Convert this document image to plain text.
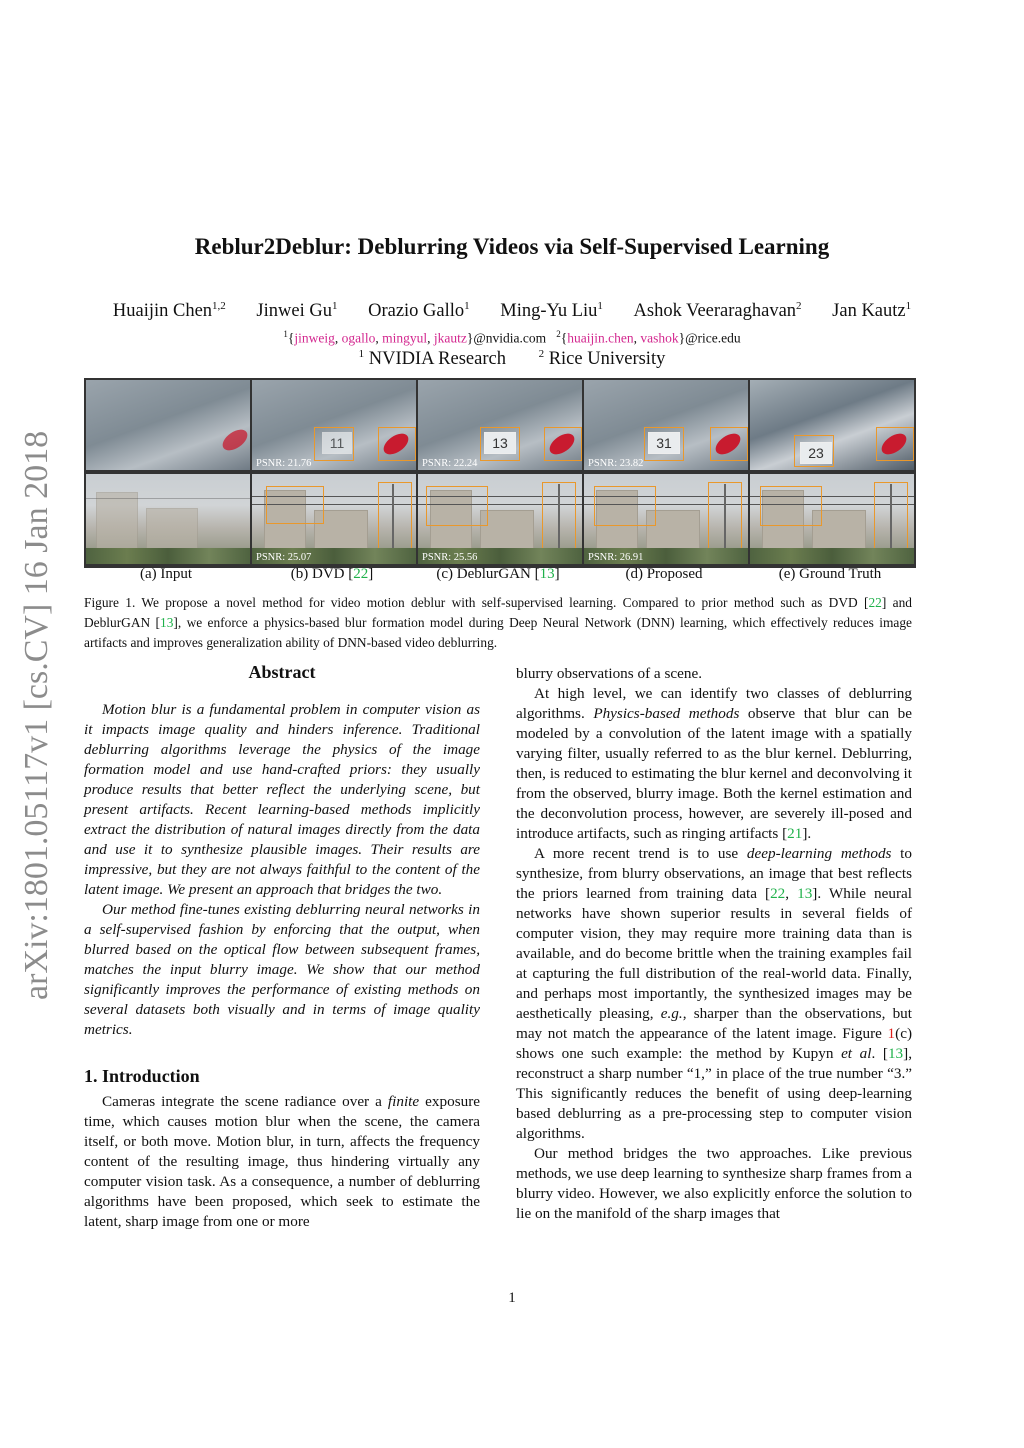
arXiv:1801.05117v1 [cs.CV] 16 Jan 2018
Reblur2Deblur: Deblurring Videos via Self-Supervised Learning
Huaijin Chen$^{1,2}$ Jinwei Gu$^1$ Orazio Gallo$^1$ Ming-Yu Liu$^1$ Ashok Veeraraghavan$^2$ Jan Kautz$^1$
$^1${jinweig, ogallo, mingyul, jkautz}@nvidia.com $^2${huaijin.chen, vashok}@rice.edu
$^1$ NVIDIA Research	$^2$ Rice University
11
PSNR: 21.76
13
PSNR: 22.24
31
PSNR: 23.82
23
PSNR: 25.07	PSNR: 25.56	PSNR: 26.91
(a) Input	(b) DVD [22]	(c) DeblurGAN [13]	(d) Proposed	(e) Ground Truth
Figure 1. We propose a novel method for video motion deblur with self-supervised learning. Compared to prior method such as DVD [22] and DeblurGAN [13], we enforce a physics-based blur formation model during Deep Neural Network (DNN) learning, which effectively reduces image artifacts and improves generalization ability of DNN-based video deblurring.
Abstract

Motion blur is a fundamental problem in computer vision as it impacts image quality and hinders inference. Traditional deblurring algorithms leverage the physics of the image formation model and use hand-crafted priors: they usually produce results that better reflect the underlying scene, but present artifacts. Recent learning-based methods implicitly extract the distribution of natural images directly from the data and use it to synthesize plausible images. Their results are impressive, but they are not always faithful to the content of the latent image. We present an approach that bridges the two.

Our method fine-tunes existing deblurring neural networks in a self-supervised fashion by enforcing that the output, when blurred based on the optical flow between subsequent frames, matches the input blurry image. We show that our method significantly improves the performance of existing methods on several datasets both visually and in terms of image quality metrics.

1. Introduction

Cameras integrate the scene radiance over a finite exposure time, which causes motion blur when the scene, the camera itself, or both move. Motion blur, in turn, affects the frequency content of the resulting image, thus hindering virtually any computer vision task. As a consequence, a number of deblurring algorithms have been proposed, which seek to estimate the latent, sharp image from one or more

blurry observations of a scene.

At high level, we can identify two classes of deblurring algorithms. Physics-based methods observe that blur can be modeled by a convolution of the latent image with a spatially varying filter, usually referred to as the blur kernel. Deblurring, then, is reduced to estimating the blur kernel and deconvolving it from the observed, blurry image. Both the kernel estimation and the deconvolution process, however, are severely ill-posed and introduce artifacts, such as ringing artifacts [21].

A more recent trend is to use deep-learning methods to synthesize, from blurry observations, an image that best reflects the priors learned from training data [22, 13]. While neural networks have shown superior results in several fields of computer vision, they may require more training data than is available, and do become brittle when the training examples fail at capturing the full distribution of the real-world data. Finally, and perhaps most importantly, the synthesized images may be aesthetically pleasing, e.g., sharper than the observations, but may not match the appearance of the latent image. Figure 1(c) shows one such example: the method by Kupyn et al. [13], reconstruct a sharp number “1,” in place of the true number “3.” This significantly reduces the benefit of using deep-learning based deblurring as a pre-processing step to computer vision algorithms.

Our method bridges the two approaches. Like previous methods, we use deep learning to synthesize sharp frames from a blurry video. However, we also explicitly enforce the solution to lie on the manifold of the sharp images that

1
